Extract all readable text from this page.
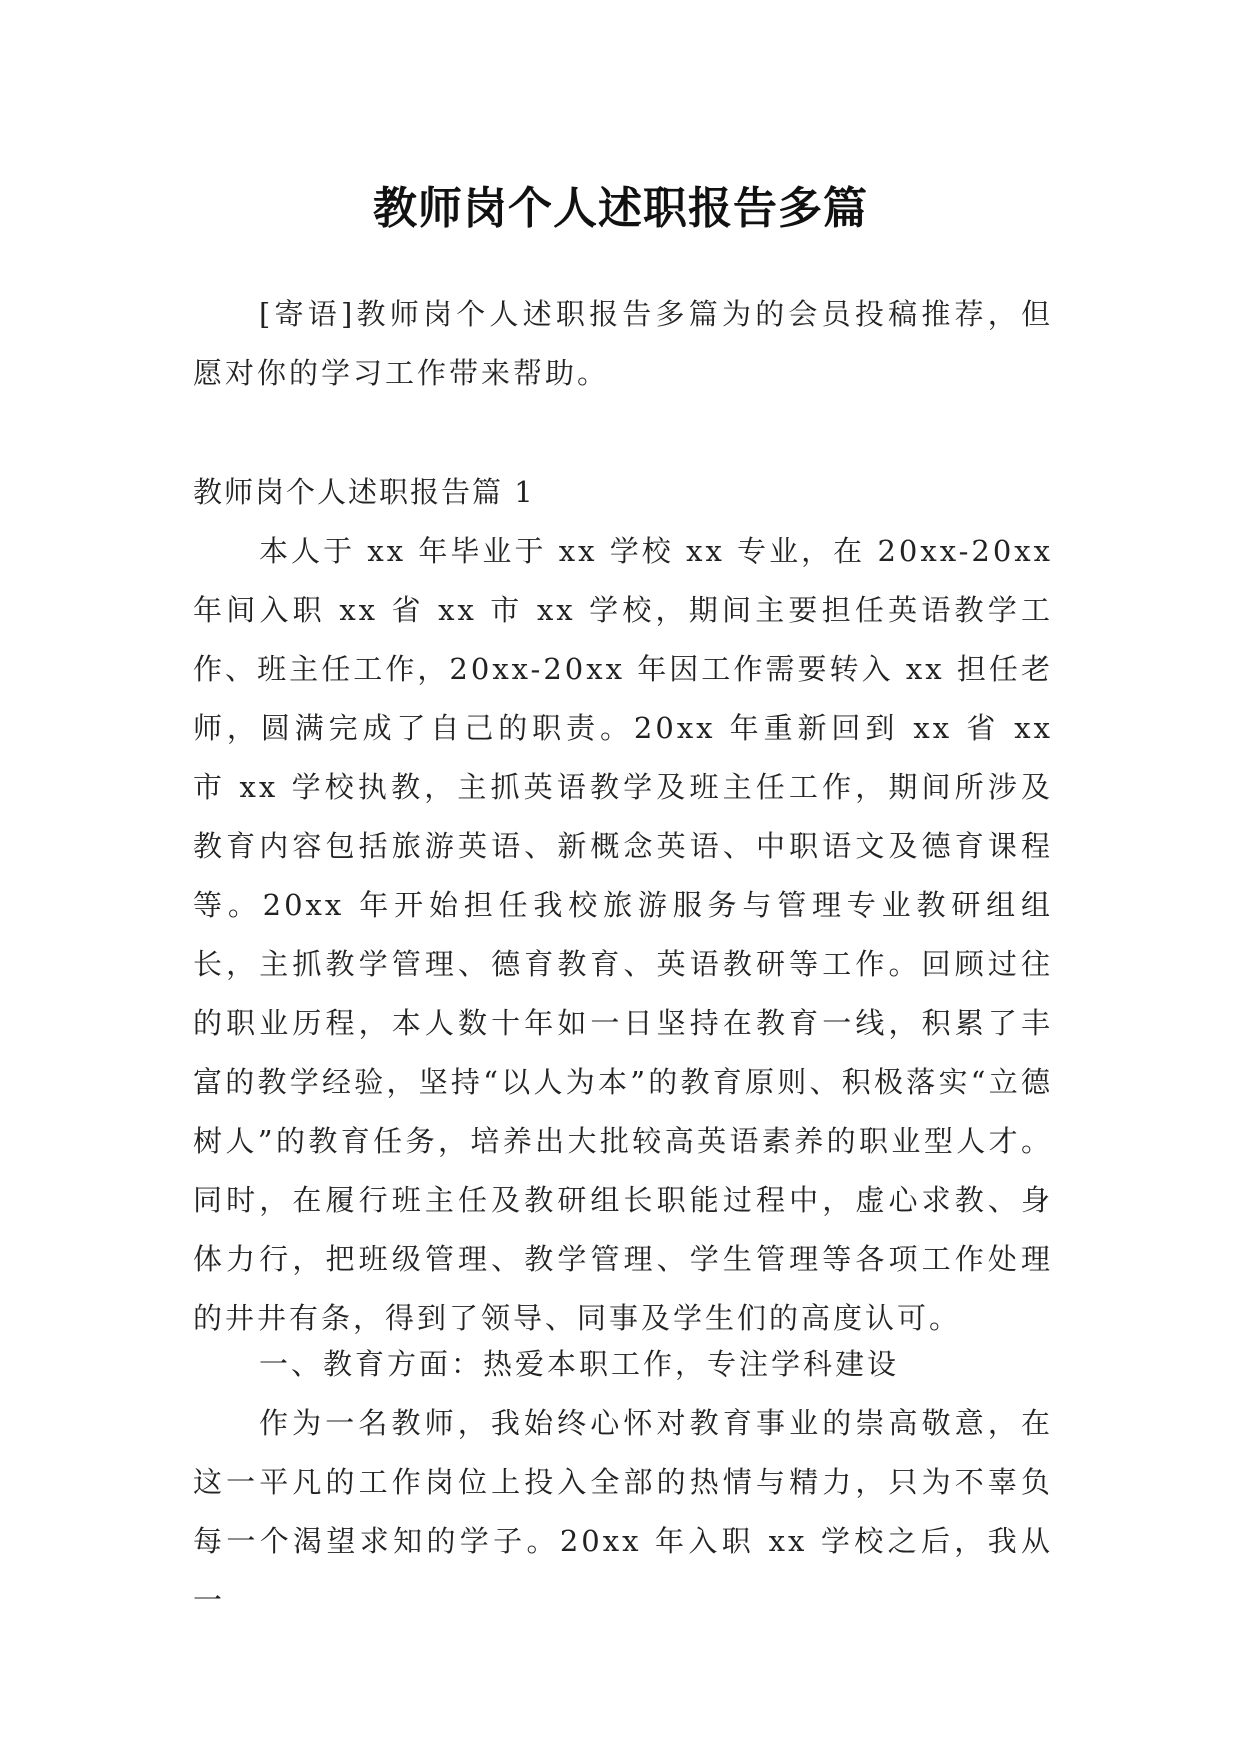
教师岗个人述职报告多篇

[寄语]教师岗个人述职报告多篇为的会员投稿推荐，但愿对你的学习工作带来帮助。

教师岗个人述职报告篇 1

本人于 xx 年毕业于 xx 学校 xx 专业，在 20xx-20xx 年间入职 xx 省 xx 市 xx 学校，期间主要担任英语教学工作、班主任工作，20xx-20xx 年因工作需要转入 xx 担任老师，圆满完成了自己的职责。20xx 年重新回到 xx 省 xx 市 xx 学校执教，主抓英语教学及班主任工作，期间所涉及教育内容包括旅游英语、新概念英语、中职语文及德育课程等。20xx 年开始担任我校旅游服务与管理专业教研组组长，主抓教学管理、德育教育、英语教研等工作。回顾过往的职业历程，本人数十年如一日坚持在教育一线，积累了丰富的教学经验，坚持“以人为本”的教育原则、积极落实“立德树人”的教育任务，培养出大批较高英语素养的职业型人才。同时，在履行班主任及教研组长职能过程中，虚心求教、身体力行，把班级管理、教学管理、学生管理等各项工作处理的井井有条，得到了领导、同事及学生们的高度认可。

一、教育方面：热爱本职工作，专注学科建设

作为一名教师，我始终心怀对教育事业的崇高敬意，在这一平凡的工作岗位上投入全部的热情与精力，只为不辜负每一个渴望求知的学子。20xx 年入职 xx 学校之后，我从一
